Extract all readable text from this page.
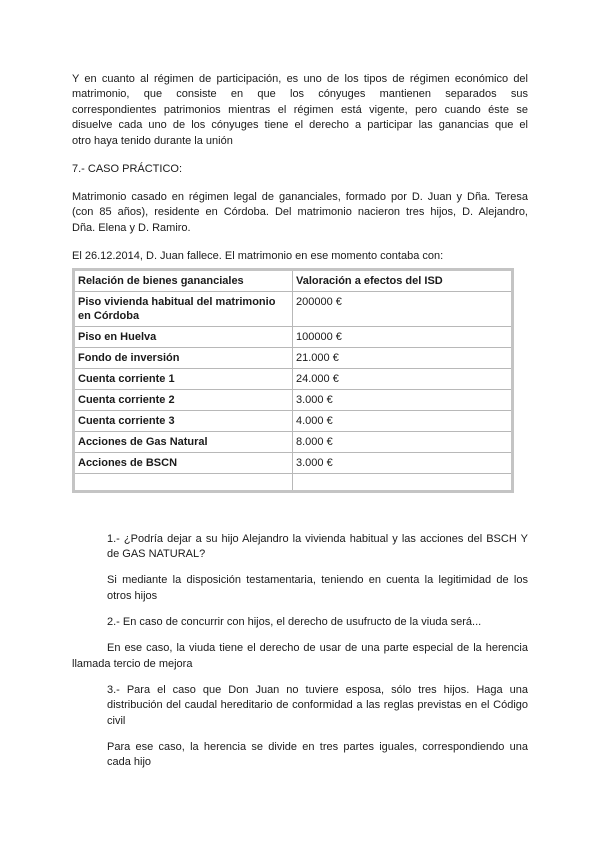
Y en cuanto al régimen de participación, es uno de los tipos de régimen económico del

matrimonio, que consiste en que los cónyuges mantienen separados sus

correspondientes patrimonios mientras el régimen está vigente, pero cuando éste se

disuelve cada uno de los cónyuges tiene el derecho a participar las ganancias que el

otro haya tenido durante la unión

7.- CASO PRÁCTICO:

Matrimonio casado en régimen legal de gananciales, formado por D. Juan y Dña. Teresa

(con 85 años), residente en Córdoba. Del matrimonio nacieron tres hijos, D. Alejandro,

Dña. Elena y D. Ramiro.

El 26.12.2014, D. Juan fallece. El matrimonio en ese momento contaba con:

Relación de bienes gananciales	Valoración a efectos del ISD
Piso vivienda habitual del matrimonio
en Córdoba	200000 €
Piso en Huelva	100000 €
Fondo de inversión	21.000 €
Cuenta corriente 1	24.000 €
Cuenta corriente 2	3.000 €
Cuenta corriente 3	4.000 €
Acciones de Gas Natural	8.000 €
Acciones de BSCN	3.000 €

1.- ¿Podría dejar a su hijo Alejandro la vivienda habitual y las acciones del BSCH Y

de GAS NATURAL?

Si mediante la disposición testamentaria, teniendo en cuenta la legitimidad de los

otros hijos

2.- En caso de concurrir con hijos, el derecho de usufructo de la viuda será...

En ese caso, la viuda tiene el derecho de usar de una parte especial de la herencia

llamada tercio de mejora

3.- Para el caso que Don Juan no tuviere esposa, sólo tres hijos. Haga una

distribución del caudal hereditario de conformidad a las reglas previstas en el Código

civil

Para ese caso, la herencia se divide en tres partes iguales, correspondiendo una

cada hijo
